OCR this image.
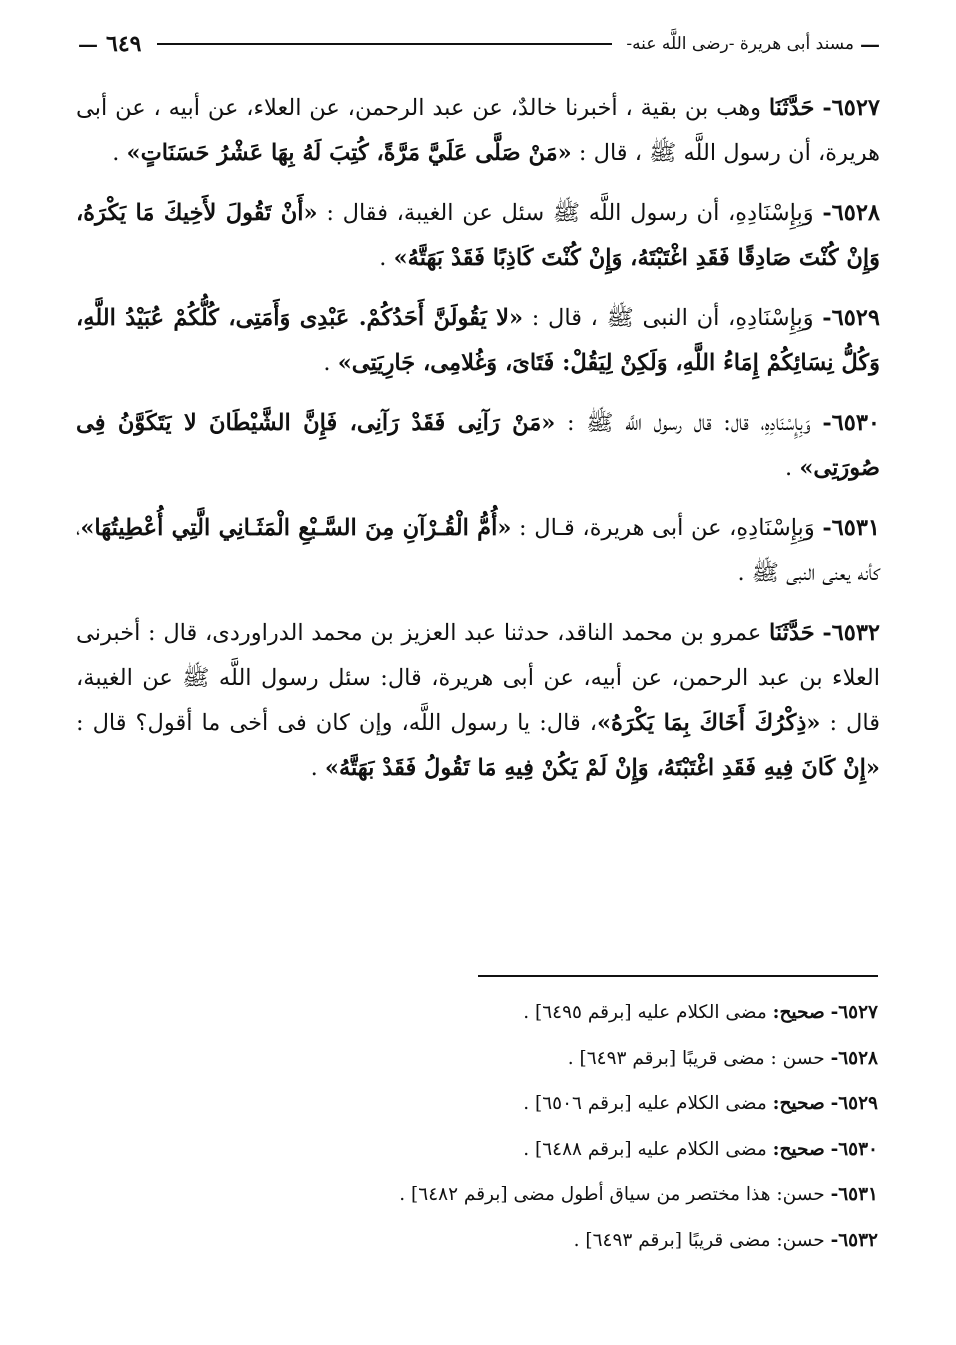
—
مسند أبى هريرة -رضى اللَّه عنه-
٦٤٩
—

٦٥٢٧- حَدَّثَنَا وهب بن بقية ، أخبرنا خالدٌ، عن عبد الرحمن، عن العلاء، عن أبيه ، عن أبى هريرة، أن رسول اللَّه ﷺ ، قال : «مَنْ صَلَّى عَلَيَّ مَرَّةً، كُتِبَ لَهُ بِهَا عَشْرُ حَسَنَاتٍ» .

٦٥٢٨- وَبِإِسْنَادِهِ، أن رسول اللَّه ﷺ سئل عن الغيبة، فقال : «أَنْ تَقُولَ لأَخِيكَ مَا يَكْرَهُ، وَإِنْ كُنْتَ صَادِقًا فَقَدِ اغْتَبْتَهُ، وَإِنْ كُنْتَ كَاذِبًا فَقَدْ بَهَتَّهُ» .

٦٥٢٩- وَبِإِسْنَادِهِ، أن النبى ﷺ ، قال : «لا يَقُولَنَّ أَحَدُكُمْ. عَبْدِى وَأَمَتِى، كُلُّكُمْ عُبَيْدُ اللَّهِ، وَكُلُّ نِسَائِكُمْ إِمَاءُ اللَّهِ، وَلَكِنْ لِيَقُلْ: فَتَاىَ، وَغُلامِى، جَارِيَتِى» .

٦٥٣٠- وَبِإِسْنَادِهِ، قال: قال رسول اللَّه ﷺ : «مَنْ رَآنِى فَقَدْ رَآنِى، فَإِنَّ الشَّيْطَانَ لا يَتَكَوَّنُ فِى صُورَتِى» .

٦٥٣١- وَبِإِسْنَادِهِ، عن أبى هريرة، قـال : «أُمُّ الْقُـرْآنِ مِنَ السَّـبْعِ الْمَثَـانِي الَّتِي أُعْطِيتُهَا»، كأنه يعنى النبى ﷺ .

٦٥٣٢- حَدَّثَنَا عمرو بن محمد الناقد، حدثنا عبد العزيز بن محمد الدراوردى، قال : أخبرنى العلاء بن عبد الرحمن، عن أبيه، عن أبى هريرة، قال: سئل رسول اللَّه ﷺ عن الغيبة، قال : «ذِكْرُكَ أَخَاكَ بِمَا يَكْرَهُ»، قال: يا رسول اللَّه، وإن كان فى أخى ما أقول؟ قال : «إِنْ كَانَ فِيهِ فَقَدِ اغْتَبْتَهُ، وَإِنْ لَمْ يَكُنْ فِيهِ مَا تَقُولُ فَقَدْ بَهَتَّهُ» .

٦٥٢٧- صحيح: مضى الكلام عليه [برقم ٦٤٩٥] .
٦٥٢٨- حسن : مضى قريبًا [برقم ٦٤٩٣] .
٦٥٢٩- صحيح: مضى الكلام عليه [برقم ٦٥٠٦] .
٦٥٣٠- صحيح: مضى الكلام عليه [برقم ٦٤٨٨] .
٦٥٣١- حسن: هذا مختصر من سياق أطول مضى [برقم ٦٤٨٢] .
٦٥٣٢- حسن: مضى قريبًا [برقم ٦٤٩٣] .
